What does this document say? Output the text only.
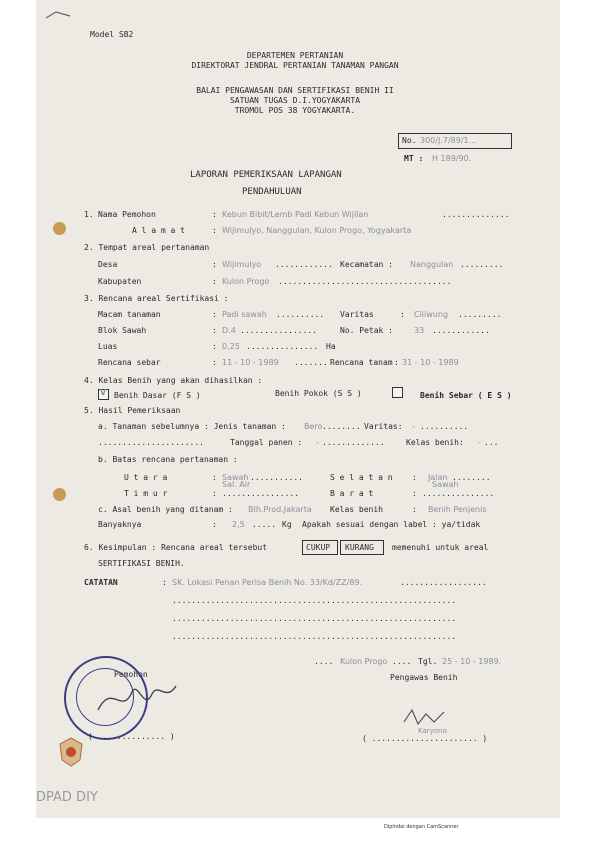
Model SB2
DEPARTEMEN PERTANIAN
DIREKTORAT JENDRAL PERTANIAN TANAMAN PANGAN
BALAI PENGAWASAN DAN SERTIFIKASI BENIH II
SATUAN TUGAS D.I.YOGYAKARTA
TROMOL POS 38 YOGYAKARTA.
No. 300/J.7/89/1...
MT : H 189/90.
LAPORAN PEMERIKSAAN LAPANGAN
PENDAHULUAN
1. Nama Pemohon	: Kebun Bibit/Lemb Padi Kebun Wijilan	..............
A l a m a t	: Wijimulyo, Nanggulan, Kulon Progo, Yogyakarta
2. Tempat areal pertanaman
Desa	: Wijimulyo ............ Kecamatan : Nanggulan .........
Kabupaten	: Kulon Progo ....................................
3. Rencana areal Sertifikasi :
Macam tanaman	: Padi sawah .......... Varitas	: Ciliwung .........
Blok Sawah	: D.4 ................	No. Petak :	33 ............
Luas	: 0,25 ............... Ha
Rencana sebar	: 11 - 10 - 1989 ....... Rencana tanam : 31 - 10 - 1989
4. Kelas Benih yang akan dihasilkan :
V Benih Dasar (F S )	Benih Pokok (S S )	Benih Sebar ( E S )
5. Hasil Pemeriksaan
a. Tanaman sebelumnya : Jenis tanaman : Bero ........ Varitas: - ..........
......................	Tanggal panen : - .............	Kelas benih: - ...
b. Batas rencana pertanaman :
U t a r a	: Sawah ...........	S e l a t a n : Jalan ........
Sal. Air	Sawah
T i m u r	: ................	B a r a t	: ...............
c. Asal benih yang ditanam : BIh.Prod.Jakarta Kelas benih	: Benih Penjenis
Banyaknya	: 2,5 ..... Kg Apakah sesuai dengan label : ya/tidak
6. Kesimpulan : Rencana areal tersebut	CUKUP KURANG memenuhi untuk areal
SERTIFIKASI BENIH.
CATATAN	: SK. Lokasi Penan Perisa Benih No. 33/Kd/ZZ/89.	..................
...........................................................
...........................................................
...........................................................
.... Kulon Progo .... Tgl. 25 - 10 - 1989.
Pemohon	Pengawas Benih
( .............. )
Karyono
( ...................... )
DPAD DIY
Dipindai dengan CamScanner
